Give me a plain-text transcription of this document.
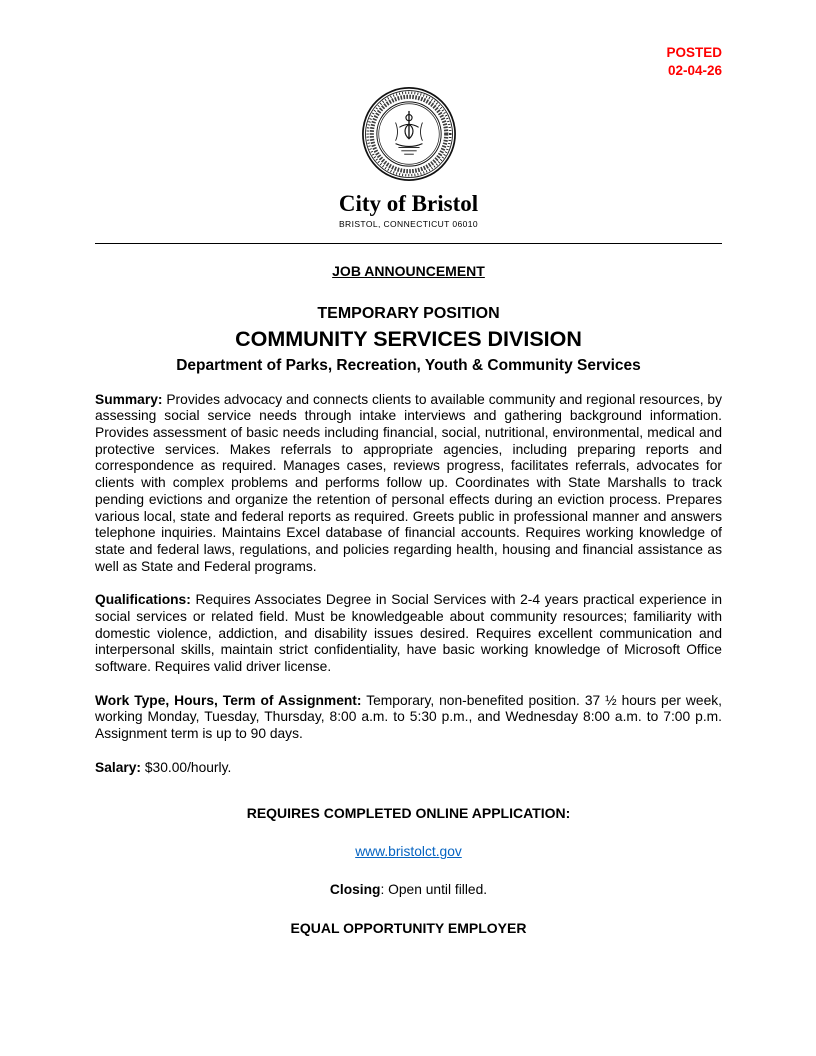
POSTED
02-04-26
City of Bristol
BRISTOL, CONNECTICUT 06010
JOB ANNOUNCEMENT
TEMPORARY POSITION
COMMUNITY SERVICES DIVISION
Department of Parks, Recreation, Youth & Community Services

Summary: Provides advocacy and connects clients to available community and regional resources, by assessing social service needs through intake interviews and gathering background information. Provides assessment of basic needs including financial, social, nutritional, environmental, medical and protective services. Makes referrals to appropriate agencies, including preparing reports and correspondence as required. Manages cases, reviews progress, facilitates referrals, advocates for clients with complex problems and performs follow up. Coordinates with State Marshalls to track pending evictions and organize the retention of personal effects during an eviction process. Prepares various local, state and federal reports as required. Greets public in professional manner and answers telephone inquiries. Maintains Excel database of financial accounts. Requires working knowledge of state and federal laws, regulations, and policies regarding health, housing and financial assistance as well as State and Federal programs.

Qualifications: Requires Associates Degree in Social Services with 2-4 years practical experience in social services or related field. Must be knowledgeable about community resources; familiarity with domestic violence, addiction, and disability issues desired. Requires excellent communication and interpersonal skills, maintain strict confidentiality, have basic working knowledge of Microsoft Office software. Requires valid driver license.

Work Type, Hours, Term of Assignment: Temporary, non-benefited position. 37 ½ hours per week, working Monday, Tuesday, Thursday, 8:00 a.m. to 5:30 p.m., and Wednesday 8:00 a.m. to 7:00 p.m. Assignment term is up to 90 days.

Salary: $30.00/hourly.

REQUIRES COMPLETED ONLINE APPLICATION:
www.bristolct.gov
Closing: Open until filled.
EQUAL OPPORTUNITY EMPLOYER
